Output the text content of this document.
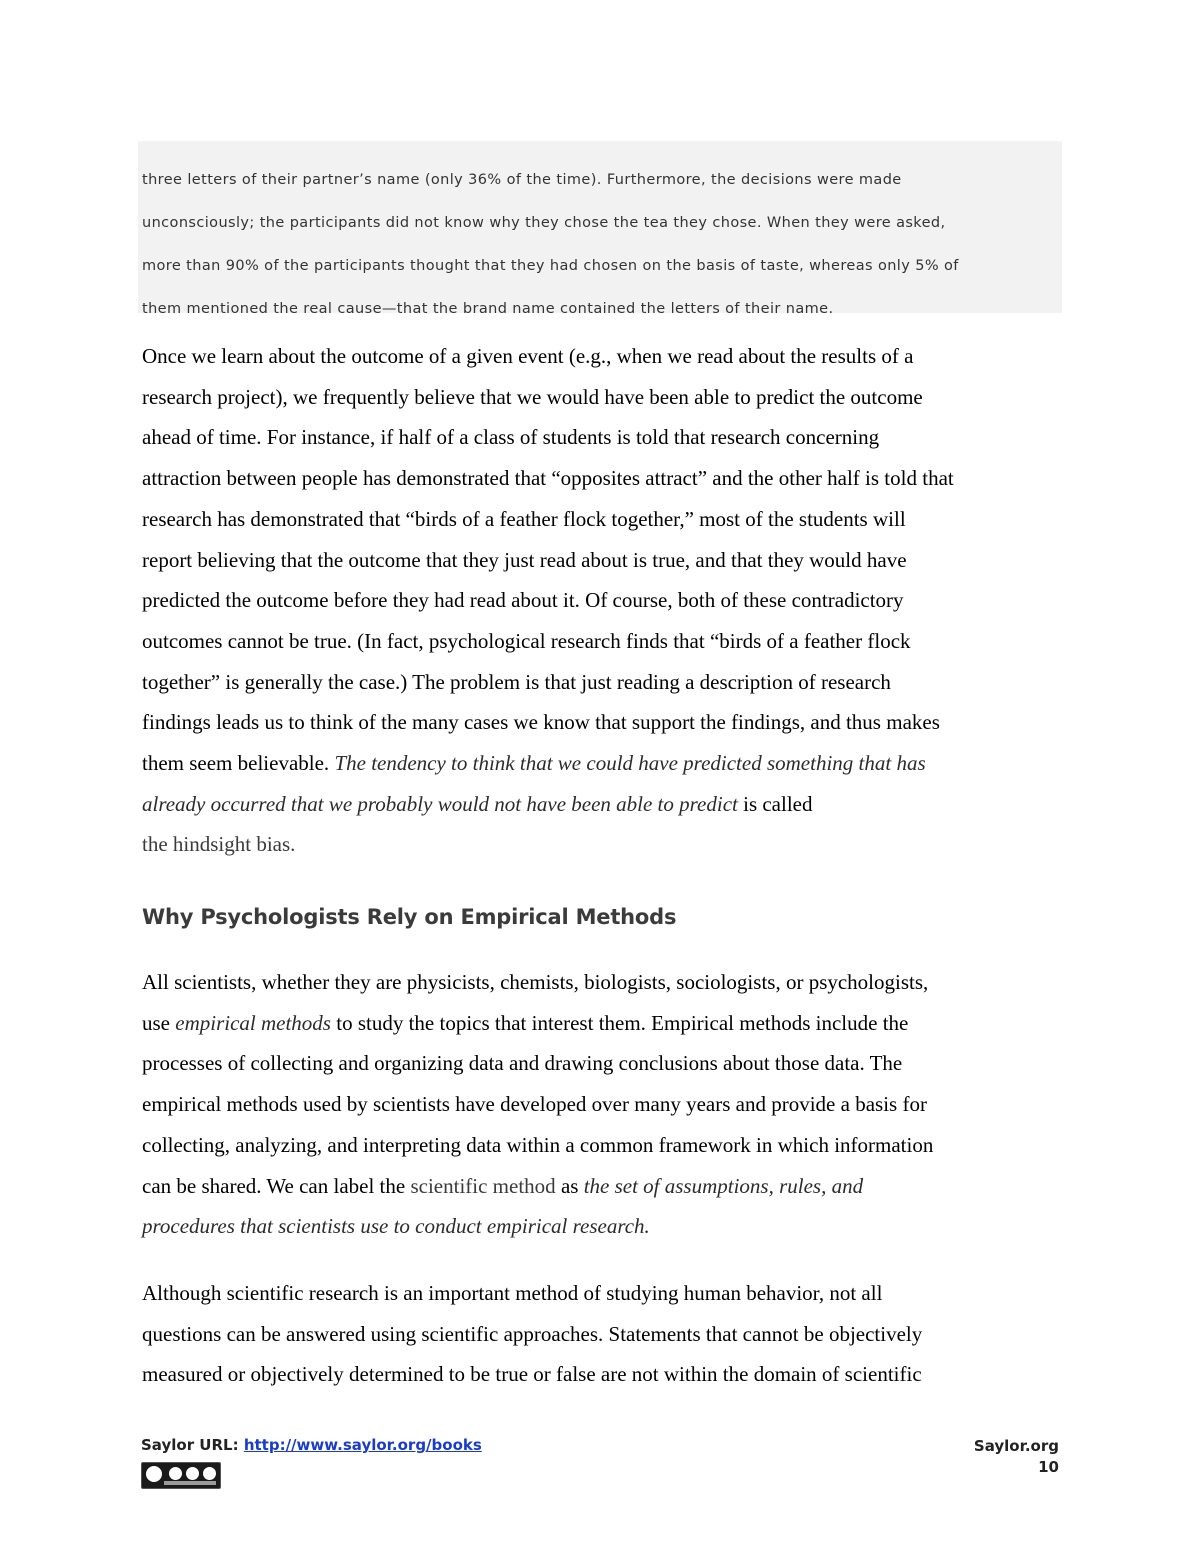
three letters of their partner’s name (only 36% of the time). Furthermore, the decisions were made

unconsciously; the participants did not know why they chose the tea they chose. When they were asked,

more than 90% of the participants thought that they had chosen on the basis of taste, whereas only 5% of

them mentioned the real cause—that the brand name contained the letters of their name.

Once we learn about the outcome of a given event (e.g., when we read about the results of a
research project), we frequently believe that we would have been able to predict the outcome
ahead of time. For instance, if half of a class of students is told that research concerning
attraction between people has demonstrated that “opposites attract” and the other half is told that
research has demonstrated that “birds of a feather flock together,” most of the students will
report believing that the outcome that they just read about is true, and that they would have
predicted the outcome before they had read about it. Of course, both of these contradictory
outcomes cannot be true. (In fact, psychological research finds that “birds of a feather flock
together” is generally the case.) The problem is that just reading a description of research
findings leads us to think of the many cases we know that support the findings, and thus makes
them seem believable. The tendency to think that we could have predicted something that has
already occurred that we probably would not have been able to predict is called
the hindsight bias.
Why Psychologists Rely on Empirical Methods
All scientists, whether they are physicists, chemists, biologists, sociologists, or psychologists,
use empirical methods to study the topics that interest them. Empirical methods include the
processes of collecting and organizing data and drawing conclusions about those data. The
empirical methods used by scientists have developed over many years and provide a basis for
collecting, analyzing, and interpreting data within a common framework in which information
can be shared. We can label the scientific method as the set of assumptions, rules, and
procedures that scientists use to conduct empirical research.
Although scientific research is an important method of studying human behavior, not all
questions can be answered using scientific approaches. Statements that cannot be objectively
measured or objectively determined to be true or false are not within the domain of scientific
Saylor URL: http://www.saylor.org/books	Saylor.org
10
